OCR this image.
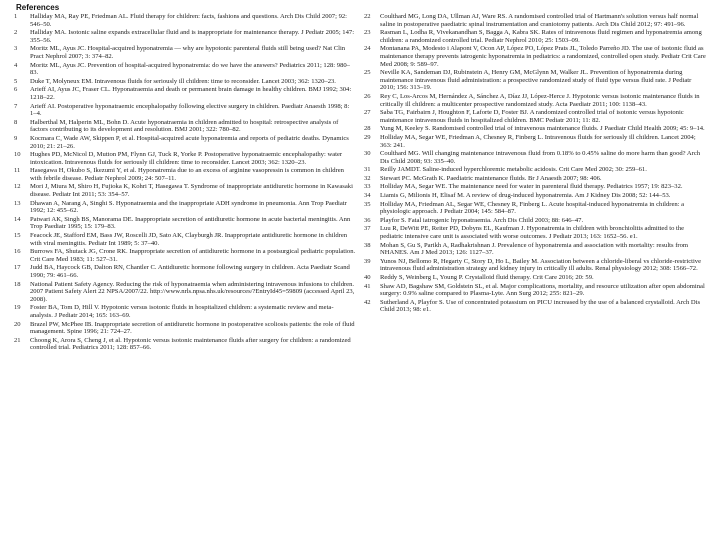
References
1	Halliday MA, Ray PE, Friedman AL. Fluid therapy for children: facts, fashions and questions. Arch Dis Child 2007; 92: 546–50.
2	Halliday MA. Isotonic saline expands extracellular fluid and is inappropriate for maintenance therapy. J Pediatr 2005; 147: 355–56.
3	Moritz ML, Ayus JC. Hospital-acquired hyponatremia — why are hypotonic parenteral fluids still being used? Nat Clin Pract Nephrol 2007; 3: 374–82.
4	Moritz ML, Ayus JC. Prevention of hospital-acquired hyponatremia: do we have the answers? Pediatrics 2011; 128: 980–83.
5	Duke T, Molyneux EM. Intravenous fluids for seriously ill children: time to reconsider. Lancet 2003; 362: 1320–23.
6	Arieff AI, Ayus JC, Fraser CL. Hyponatraemia and death or permanent brain damage in healthy children. BMJ 1992; 304: 1218–22.
7	Arieff AI. Postoperative hyponatraemic encephalopathy following elective surgery in children. Paediatr Anaesth 1998; 8: 1–4.
8	Halberthal M, Halperin ML, Bohn D. Acute hyponatraemia in children admitted to hospital: retrospective analysis of factors contributing to its development and resolution. BMJ 2001; 322: 780–82.
9	Kocmara C, Wade AW, Skippen P, et al. Hospital-acquired acute hyponatremia and reports of pediatric deaths. Dynamics 2010; 21: 21–26.
10	Hughes PD, McNicol D, Mutton PM, Flynn GJ, Tuck R, Yorke P. Postoperative hyponatraemic encephalopathy: water intoxication. Intravenous fluids for seriously ill children: time to reconsider. Lancet 2003; 362: 1320–23.
11	Hasegawa H, Okubo S, Ikezumi Y, et al. Hyponatremia due to an excess of arginine vasopressin is common in children with febrile disease. Pediatr Nephrol 2009; 24: 507–11.
12	Mori J, Miura M, Shiro H, Fujioka K, Kohri T, Hasegawa T. Syndrome of inappropriate antidiuretic hormone in Kawasaki disease. Pediatr Int 2011; 53: 354–57.
13	Dhawan A, Narang A, Singhi S. Hyponatraemia and the inappropriate ADH syndrome in pneumonia. Ann Trop Paediatr 1992; 12: 455–62.
14	Patwari AK, Singh BS, Manorama DE. Inappropriate secretion of antidiuretic hormone in acute bacterial meningitis. Ann Trop Paediatr 1995; 15: 179–83.
15	Feacock JE, Stafford EM, Bass JW, Roscelli JD, Sato AK, Clayburgh JR. Inappropriate antidiuretic hormone in children with viral meningitis. Pediatr Int 1989; 5: 37–40.
16	Burrows FA, Shutack JG, Crone RK. Inappropriate secretion of antidiuretic hormone in a postsurgical pediatric population. Crit Care Med 1983; 11: 527–31.
17	Judd BA, Haycock GB, Dalton RN, Chantler C. Antidiuretic hormone following surgery in children. Acta Paediatr Scand 1990; 79: 461–66.
18	National Patient Safety Agency. Reducing the risk of hyponatraemia when administering intravenous infusions to children. 2007 Patient Safety Alert 22 NPSA/2007/22. http://www.nrls.npsa.nhs.uk/resources/?EntryId45=59809 (accessed April 23, 2008).
19	Foster BA, Tom D, Hill V. Hypotonic versus isotonic fluids in hospitalized children: a systematic review and meta-analysis. J Pediatr 2014; 165: 163–69.
20	Brazel PW, McPhee IB. Inappropriate secretion of antidiuretic hormone in postoperative scoliosis patients: the role of fluid management. Spine 1996; 21: 724–27.
21	Choong K, Arora S, Cheng J, et al. Hypotonic versus isotonic maintenance fluids after surgery for children: a randomized controlled trial. Pediatrics 2011; 128: 857–66.
22	Coulthard MG, Long DA, Ullman AJ, Ware RS. A randomised controlled trial of Hartmann's solution versus half normal saline in postoperative paediatric spinal instrumentation and craniotomy patients. Arch Dis Child 2012; 97: 491–96.
23	Rasman L, Lodha R, Vivekanandhan S, Bagga A, Kabra SK. Rates of intravenous fluid regimen and hyponatremia among children: a randomized controlled trial. Pediatr Nephrol 2010; 25: 1503–09.
24	Montanana PA, Modesto i Alapont V, Ocon AP, López PO, López Prats JL, Toledo Parreño JD. The use of isotonic fluid as maintenance therapy prevents iatrogenic hyponatremia in pediatrics: a randomized, controlled open study. Pediatr Crit Care Med 2008; 9: 589–97.
25	Neville KA, Sandeman DJ, Rubinstein A, Henry GM, McGlynn M, Walker JL. Prevention of hyponatremia during maintenance intravenous fluid administration: a prospective randomized study of fluid type versus fluid rate. J Pediatr 2010; 156: 313–19.
26	Rey C, Los-Arcos M, Hernández A, Sánchez A, Díaz JJ, López-Herce J. Hypotonic versus isotonic maintenance fluids in critically ill children: a multicenter prospective randomized study. Acta Paediatr 2011; 100: 1138–43.
27	Saba TG, Fairbairn J, Houghton F, Laforte D, Foster BJ. A randomized controlled trial of isotonic versus hypotonic maintenance intravenous fluids in hospitalized children. BMC Pediatr 2011; 11: 82.
28	Yung M, Keeley S. Randomised controlled trial of intravenous maintenance fluids. J Paediatr Child Health 2009; 45: 9–14.
29	Holliday MA, Segar WE, Friedman A, Chesney R, Finberg L. Intravenous fluids for seriously ill children. Lancet 2004; 363: 241.
30	Coulthard MG. Will changing maintenance intravenous fluid from 0.18% to 0.45% saline do more harm than good? Arch Dis Child 2008; 93: 335–40.
31	Reilly JAMDT. Saline-induced hyperchloremic metabolic acidosis. Crit Care Med 2002; 30: 259–61.
32	Stewart PC. McGrath K. Paediatric maintenance fluids. Br J Anaesth 2007; 98: 406.
33	Holliday MA, Segar WE. The maintenance need for water in parenteral fluid therapy. Pediatrics 1957; 19: 823–32.
34	Liamis G, Milionis H, Elisaf M. A review of drug-induced hyponatremia. Am J Kidney Dis 2008; 52: 144–53.
35	Holliday MA, Friedman AL, Segar WE, Chesney R, Finberg L. Acute hospital-induced hyponatremia in children: a physiologic approach. J Pediatr 2004; 145: 584–87.
36	Playfor S. Fatal iatrogenic hyponatraemia. Arch Dis Child 2003; 88: 646–47.
37	Luu R, DeWitt PE, Reiter PD, Dobyns EL, Kaufman J. Hyponatremia in children with bronchiolitis admitted to the pediatric intensive care unit is associated with worse outcomes. J Pediatr 2013; 163: 1652–56. e1.
38	Mohan S, Gu S, Parikh A, Radhakrishnan J. Prevalence of hyponatremia and association with mortality: results from NHANES. Am J Med 2013; 126: 1127–37.
39	Yunos NJ, Bellomo R, Hegarty C, Story D, Ho L, Bailey M. Association between a chloride-liberal vs chloride-restrictive intravenous fluid administration strategy and kidney injury in critically ill adults. Renal physiology 2012; 308: 1566–72.
40	Reddy S, Weinberg L, Young P. Crystalloid fluid therapy. Crit Care 2016; 20: 59.
41	Shaw AD, Bagshaw SM, Goldstein SL, et al. Major complications, mortality, and resource utilization after open abdominal surgery: 0.9% saline compared to Plasma-Lyte. Ann Surg 2012; 255: 821–29.
42	Sutherland A, Playfor S. Use of concentrated potassium on PICU increased by the use of a balanced crystalloid. Arch Dis Child 2013; 98: e1.
